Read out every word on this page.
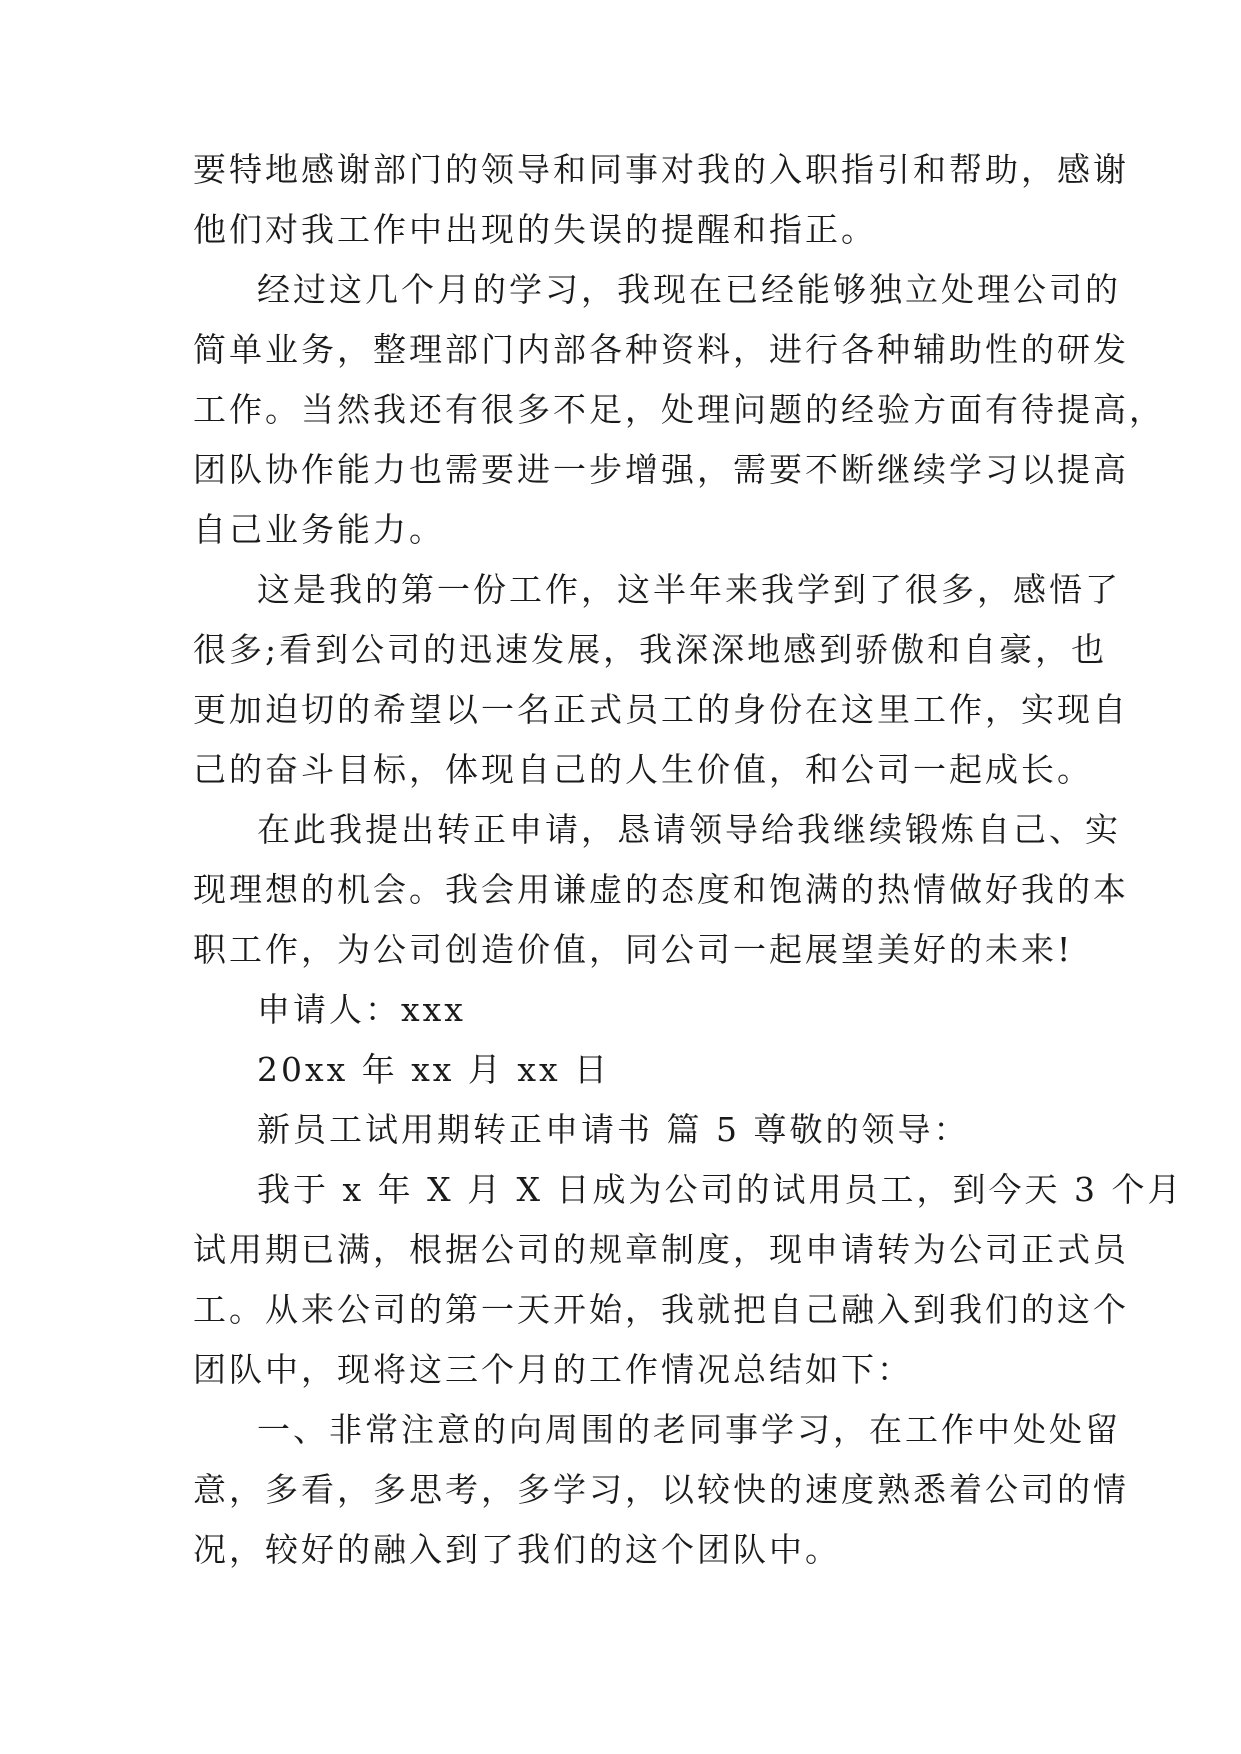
要特地感谢部门的领导和同事对我的入职指引和帮助，感谢
他们对我工作中出现的失误的提醒和指正。
经过这几个月的学习，我现在已经能够独立处理公司的
简单业务，整理部门内部各种资料，进行各种辅助性的研发
工作。当然我还有很多不足，处理问题的经验方面有待提高，
团队协作能力也需要进一步增强，需要不断继续学习以提高
自己业务能力。
这是我的第一份工作，这半年来我学到了很多，感悟了
很多;看到公司的迅速发展，我深深地感到骄傲和自豪，也
更加迫切的希望以一名正式员工的身份在这里工作，实现自
己的奋斗目标，体现自己的人生价值，和公司一起成长。
在此我提出转正申请，恳请领导给我继续锻炼自己、实
现理想的机会。我会用谦虚的态度和饱满的热情做好我的本
职工作，为公司创造价值，同公司一起展望美好的未来!
申请人：xxx
20xx 年 xx 月 xx 日
新员工试用期转正申请书 篇 5 尊敬的领导：
我于 x 年 X 月 X 日成为公司的试用员工，到今天 3 个月
试用期已满，根据公司的规章制度，现申请转为公司正式员
工。从来公司的第一天开始，我就把自己融入到我们的这个
团队中，现将这三个月的工作情况总结如下：
一、非常注意的向周围的老同事学习，在工作中处处留
意，多看，多思考，多学习，以较快的速度熟悉着公司的情
况，较好的融入到了我们的这个团队中。
